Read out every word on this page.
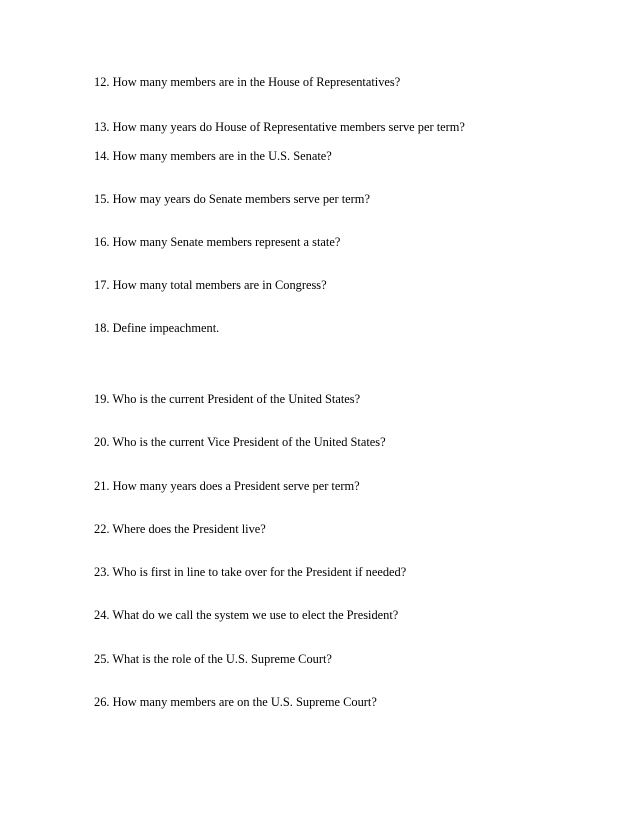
12. How many members are in the House of Representatives?
13. How many years do House of Representative members serve per term?
14. How many members are in the U.S. Senate?
15. How may years do Senate members serve per term?
16. How many Senate members represent a state?
17. How many total members are in Congress?
18. Define impeachment.
19. Who is the current President of the United States?
20. Who is the current Vice President of the United States?
21. How many years does a President serve per term?
22. Where does the President live?
23. Who is first in line to take over for the President if needed?
24. What do we call the system we use to elect the President?
25. What is the role of the U.S. Supreme Court?
26. How many members are on the U.S. Supreme Court?
